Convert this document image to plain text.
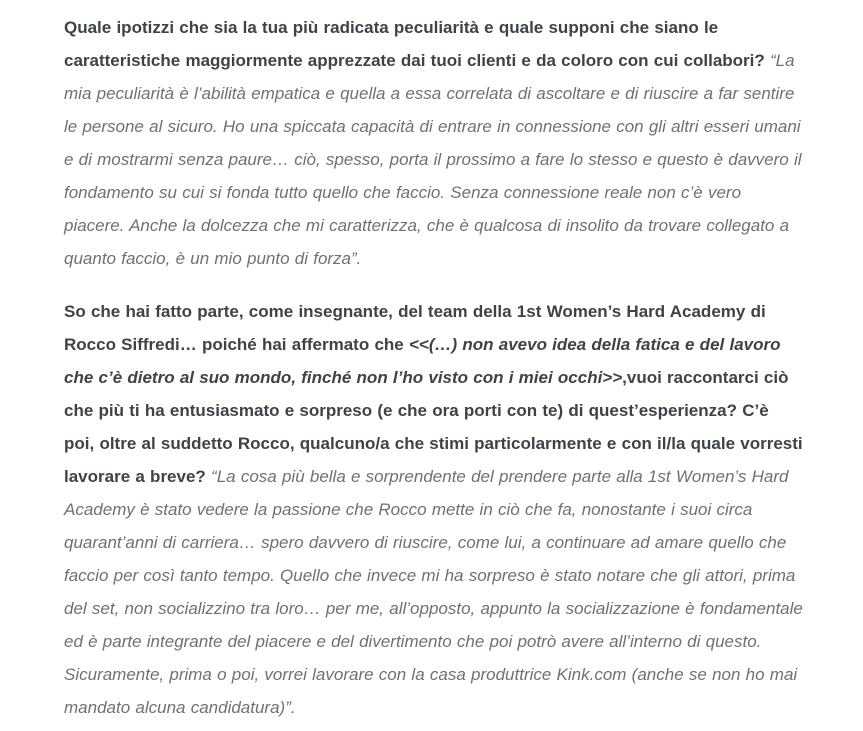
Quale ipotizzi che sia la tua più radicata peculiarità e quale supponi che siano le caratteristiche maggiormente apprezzate dai tuoi clienti e da coloro con cui collabori? “La mia peculiarità è l’abilità empatica e quella a essa correlata di ascoltare e di riuscire a far sentire le persone al sicuro. Ho una spiccata capacità di entrare in connessione con gli altri esseri umani e di mostrarmi senza paure… ciò, spesso, porta il prossimo a fare lo stesso e questo è davvero il fondamento su cui si fonda tutto quello che faccio. Senza connessione reale non c’è vero piacere. Anche la dolcezza che mi caratterizza, che è qualcosa di insolito da trovare collegato a quanto faccio, è un mio punto di forza”.

So che hai fatto parte, come insegnante, del team della 1st Women’s Hard Academy di Rocco Siffredi… poiché hai affermato che <<(…) non avevo idea della fatica e del lavoro che c’è dietro al suo mondo, finché non l’ho visto con i miei occhi>>,vuoi raccontarci ciò che più ti ha entusiasmato e sorpreso (e che ora porti con te) di quest’esperienza? C’è poi, oltre al suddetto Rocco, qualcuno/a che stimi particolarmente e con il/la quale vorresti lavorare a breve? “La cosa più bella e sorprendente del prendere parte alla 1st Women’s Hard Academy è stato vedere la passione che Rocco mette in ciò che fa, nonostante i suoi circa quarant’anni di carriera… spero davvero di riuscire, come lui, a continuare ad amare quello che faccio per così tanto tempo. Quello che invece mi ha sorpreso è stato notare che gli attori, prima del set, non socializzino tra loro… per me, all’opposto, appunto la socializzazione è fondamentale ed è parte integrante del piacere e del divertimento che poi potrò avere all’interno di questo. Sicuramente, prima o poi, vorrei lavorare con la casa produttrice Kink.com (anche se non ho mai mandato alcuna candidatura)”.
